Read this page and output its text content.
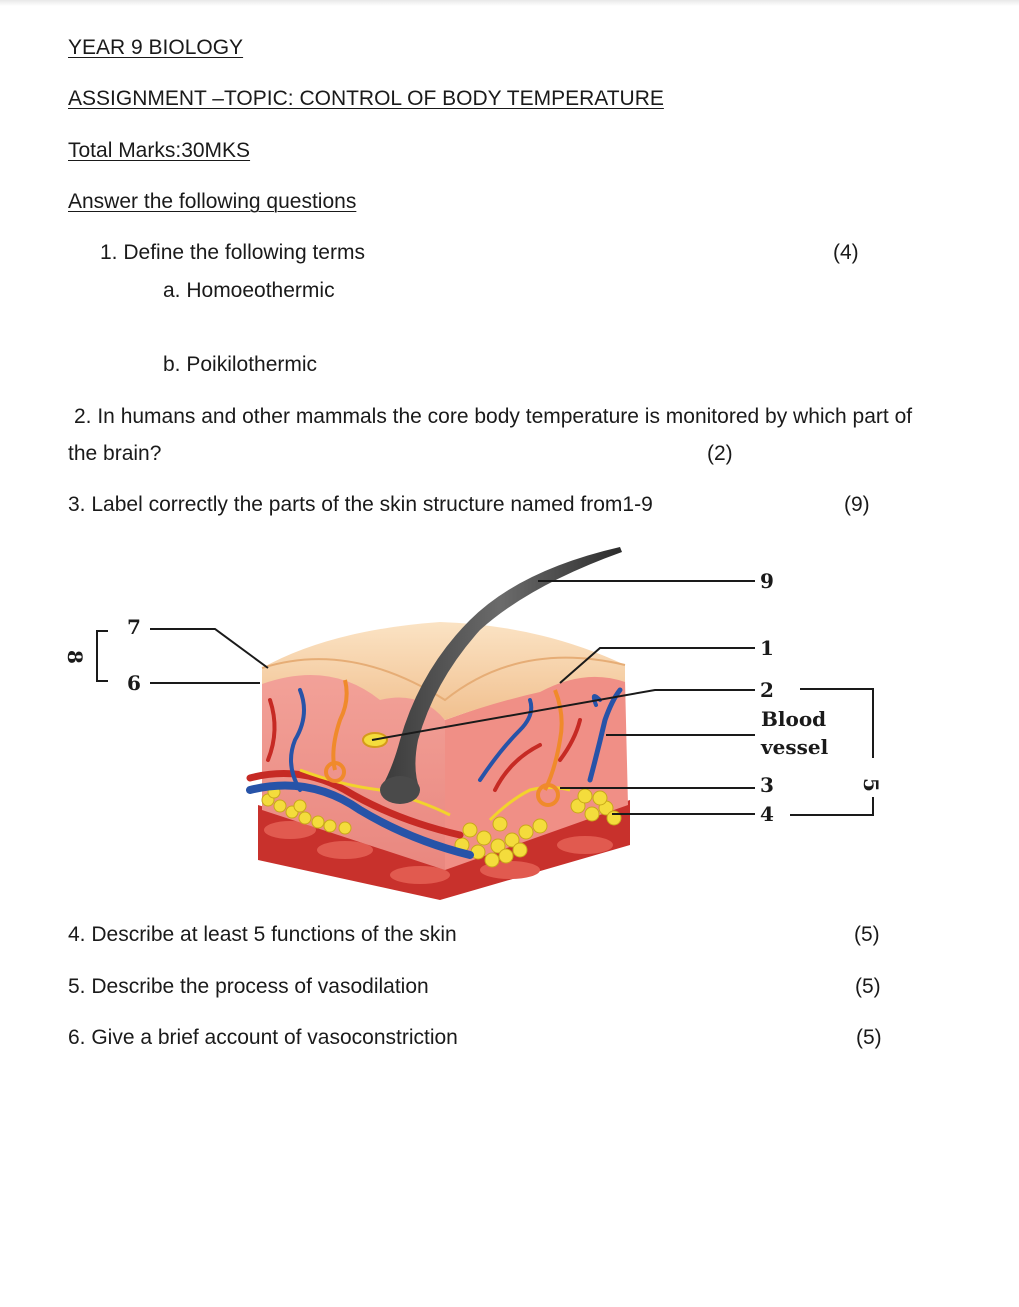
YEAR 9 BIOLOGY
ASSIGNMENT –TOPIC: CONTROL OF BODY TEMPERATURE
Total Marks:30MKS
Answer the following questions
1. Define the following terms	(4)
a. Homoeothermic
b. Poikilothermic
2. In humans and other mammals the core body temperature is monitored by which part of
the brain?	(2)
3. Label correctly the parts of the skin structure named from1-9	(9)
9
1
2
Blood
vessel
3
4
5
7
6
8
4. Describe at least 5 functions of the skin	(5)
5. Describe the process of vasodilation	(5)
6. Give a brief account of vasoconstriction	(5)
